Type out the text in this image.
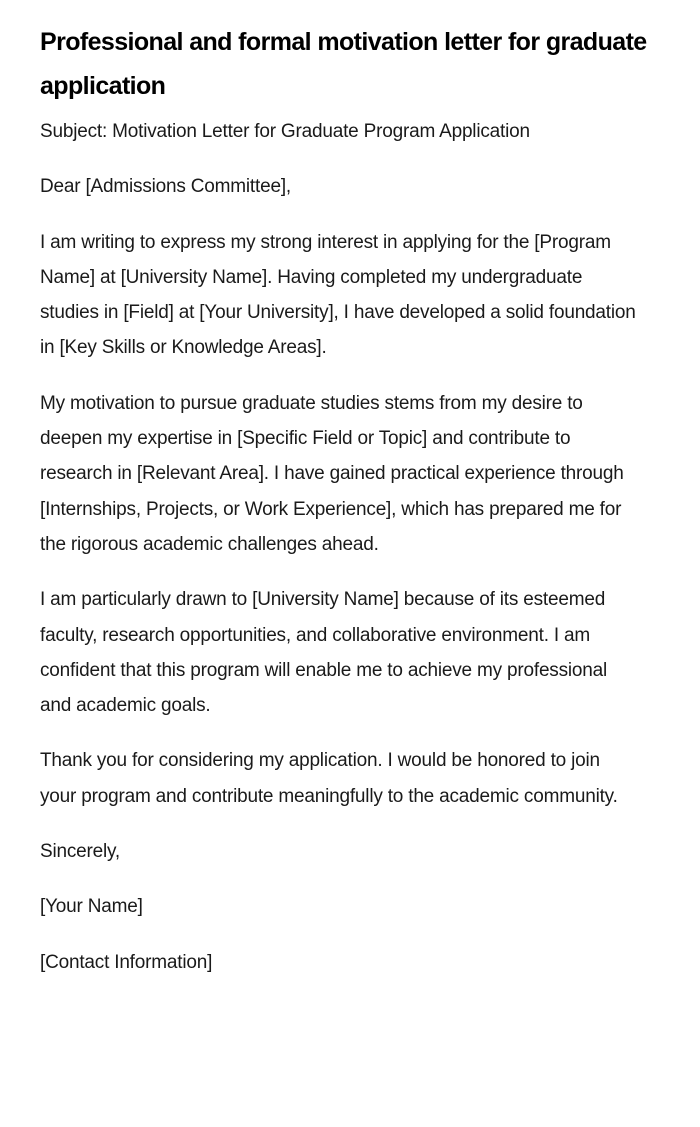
Professional and formal motivation letter for graduate application

Subject: Motivation Letter for Graduate Program Application

Dear [Admissions Committee],

I am writing to express my strong interest in applying for the [Program Name] at [University Name]. Having completed my undergraduate studies in [Field] at [Your University], I have developed a solid foundation in [Key Skills or Knowledge Areas].

My motivation to pursue graduate studies stems from my desire to deepen my expertise in [Specific Field or Topic] and contribute to research in [Relevant Area]. I have gained practical experience through [Internships, Projects, or Work Experience], which has prepared me for the rigorous academic challenges ahead.

I am particularly drawn to [University Name] because of its esteemed faculty, research opportunities, and collaborative environment. I am confident that this program will enable me to achieve my professional and academic goals.

Thank you for considering my application. I would be honored to join your program and contribute meaningfully to the academic community.

Sincerely,

[Your Name]

[Contact Information]
